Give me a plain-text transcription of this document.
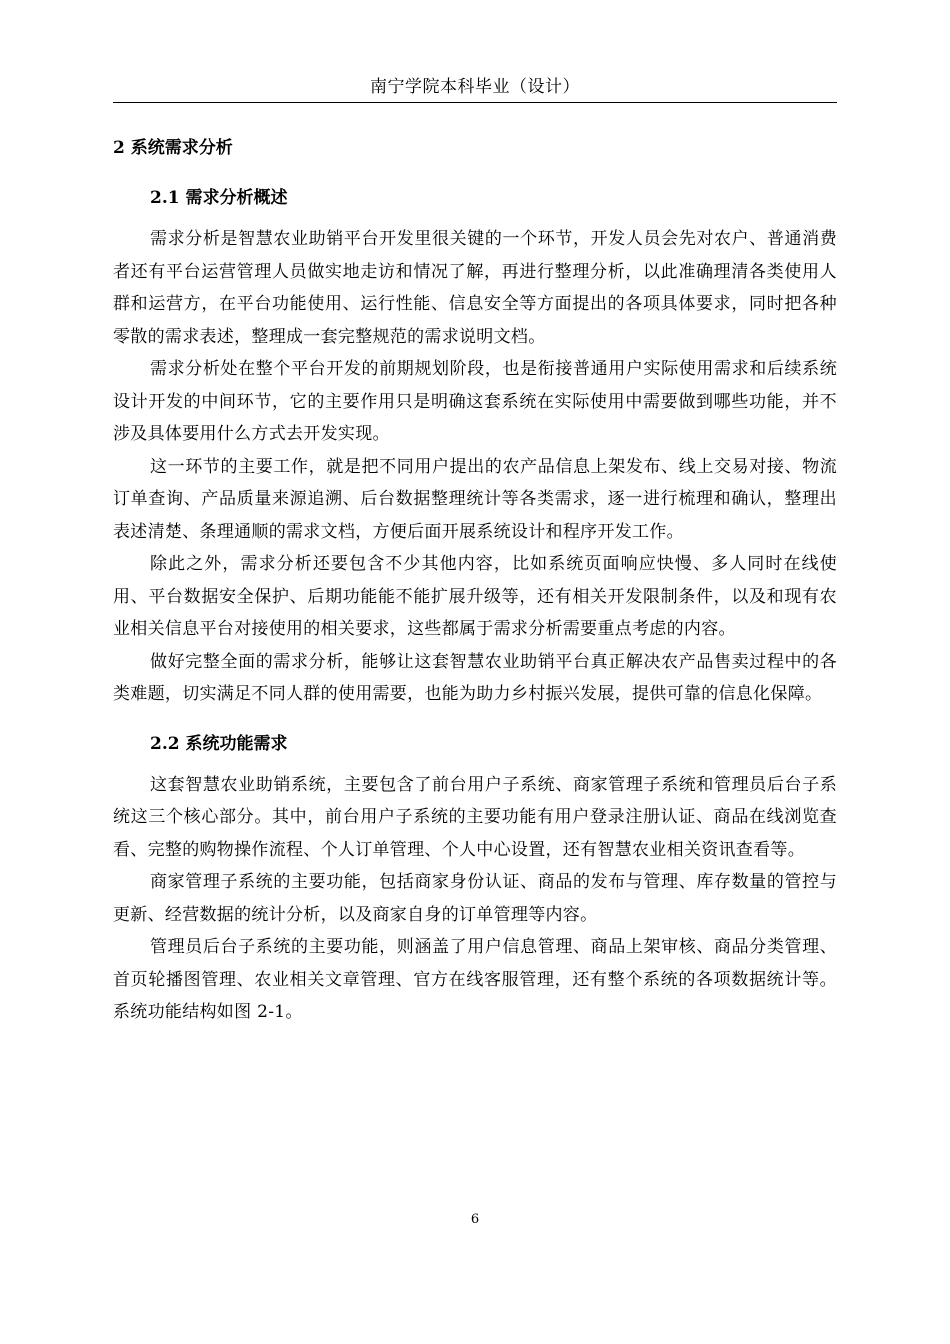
南宁学院本科毕业（设计）
2 系统需求分析
2.1 需求分析概述

需求分析是智慧农业助销平台开发里很关键的一个环节，开发人员会先对农户、普通消费者还有平台运营管理人员做实地走访和情况了解，再进行整理分析，以此准确理清各类使用人群和运营方，在平台功能使用、运行性能、信息安全等方面提出的各项具体要求，同时把各种零散的需求表述，整理成一套完整规范的需求说明文档。

需求分析处在整个平台开发的前期规划阶段，也是衔接普通用户实际使用需求和后续系统设计开发的中间环节，它的主要作用只是明确这套系统在实际使用中需要做到哪些功能，并不涉及具体要用什么方式去开发实现。

这一环节的主要工作，就是把不同用户提出的农产品信息上架发布、线上交易对接、物流订单查询、产品质量来源追溯、后台数据整理统计等各类需求，逐一进行梳理和确认，整理出表述清楚、条理通顺的需求文档，方便后面开展系统设计和程序开发工作。

除此之外，需求分析还要包含不少其他内容，比如系统页面响应快慢、多人同时在线使用、平台数据安全保护、后期功能能不能扩展升级等，还有相关开发限制条件，以及和现有农业相关信息平台对接使用的相关要求，这些都属于需求分析需要重点考虑的内容。

做好完整全面的需求分析，能够让这套智慧农业助销平台真正解决农产品售卖过程中的各类难题，切实满足不同人群的使用需要，也能为助力乡村振兴发展，提供可靠的信息化保障。

2.2 系统功能需求

这套智慧农业助销系统，主要包含了前台用户子系统、商家管理子系统和管理员后台子系统这三个核心部分。其中，前台用户子系统的主要功能有用户登录注册认证、商品在线浏览查看、完整的购物操作流程、个人订单管理、个人中心设置，还有智慧农业相关资讯查看等。

商家管理子系统的主要功能，包括商家身份认证、商品的发布与管理、库存数量的管控与更新、经营数据的统计分析，以及商家自身的订单管理等内容。

管理员后台子系统的主要功能，则涵盖了用户信息管理、商品上架审核、商品分类管理、首页轮播图管理、农业相关文章管理、官方在线客服管理，还有整个系统的各项数据统计等。系统功能结构如图 2-1。

6
